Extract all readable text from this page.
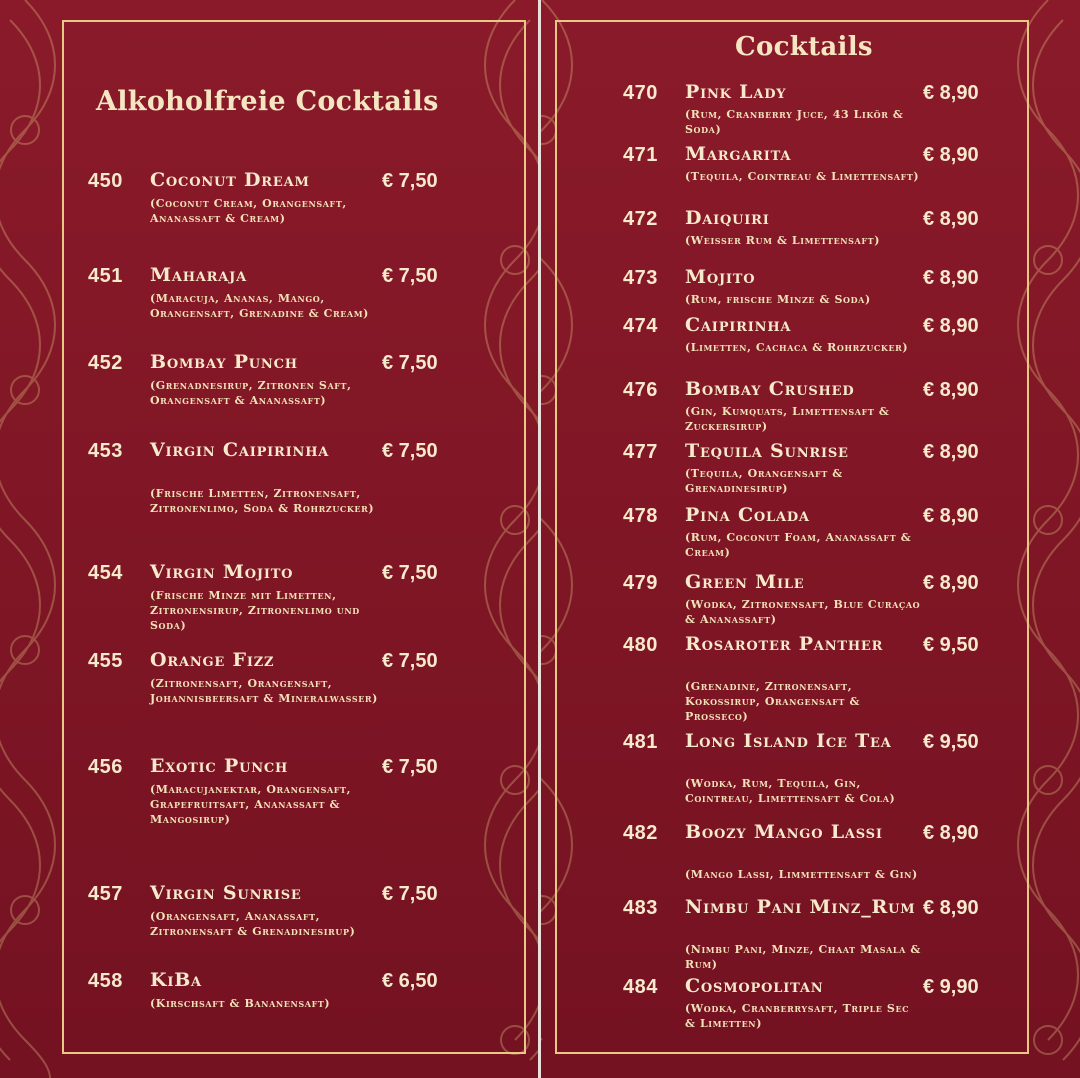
Alkoholfreie Cocktails
450 Coconut Dream
(Coconut Cream, Orangensaft, Ananassaft & Cream)
€ 7,50
451 Maharaja
(Maracuja, Ananas, Mango, Orangensaft, Grenadine & Cream)
€ 7,50
452 Bombay Punch
(Grenadnesirup, Zitronen Saft, Orangensaft & Ananassaft)
€ 7,50
453 Virgin Caipirinha
(Frische Limetten, Zitronensaft, Zitronenlimo, Soda & Rohrzucker)
€ 7,50
454 Virgin Mojito
(Frische Minze mit Limetten, Zitronensirup, Zitronenlimo und Soda)
€ 7,50
455 Orange Fizz
(Zitronensaft, Orangensaft, Johannisbeersaft & Mineralwasser)
€ 7,50
456 Exotic Punch
(Maracujanektar, Orangensaft, Grapefruitsaft, Ananassaft & Mangosirup)
€ 7,50
457 Virgin Sunrise
(Orangensaft, Ananassaft, Zitronensaft & Grenadinesirup)
€ 7,50
458 KiBa
(Kirschsaft & Bananensaft)
€ 6,50
Cocktails
470 Pink Lady
(Rum, Cranberry Juce, 43 Likör & Soda)
€ 8,90
471 Margarita
(Tequila, Cointreau & Limettensaft)
€ 8,90
472 Daiquiri
(Weisser Rum & Limettensaft)
€ 8,90
473 Mojito
(Rum, frische Minze & Soda)
€ 8,90
474 Caipirinha
(Limetten, Cachaca & Rohrzucker)
€ 8,90
476 Bombay Crushed
(Gin, Kumquats, Limettensaft & Zuckersirup)
€ 8,90
477 Tequila Sunrise
(Tequila, Orangensaft & Grenadinesirup)
€ 8,90
478 Pina Colada
(Rum, Coconut Foam, Ananassaft & Cream)
€ 8,90
479 Green Mile
(Wodka, Zitronensaft, Blue Curaçao & Ananassaft)
€ 8,90
480 Rosaroter Panther
(Grenadine, Zitronensaft, Kokossirup, Orangensaft & Prosseco)
€ 9,50
481 Long Island Ice Tea
(Wodka, Rum, Tequila, Gin, Cointreau, Limettensaft & Cola)
€ 9,50
482 Boozy Mango Lassi
(Mango Lassi, Limmettensaft & Gin)
€ 8,90
483 Nimbu Pani Minz_Rum
(Nimbu Pani, Minze, Chaat Masala & Rum)
€ 8,90
484 Cosmopolitan
(Wodka, Cranberrysaft, Triple Sec & Limetten)
€ 9,90
